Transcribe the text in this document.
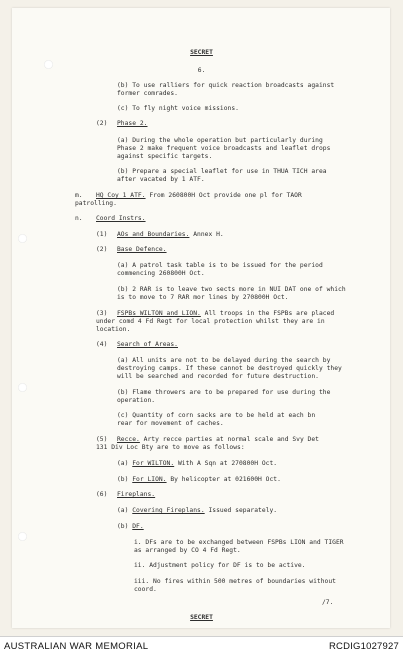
SECRET
6.
(b) To use ralliers for quick reaction broadcasts against
former comrades.
(c) To fly night voice missions.
(2) Phase 2.
(a) During the whole operation but particularly during
Phase 2 make frequent voice broadcasts and leaflet drops
against specific targets.
(b) Prepare a special leaflet for use in THUA TICH area
after vacated by 1 ATF.
m. HQ Coy 1 ATF. From 260800H Oct provide one pl for TAOR
patrolling.
n. Coord Instrs.
(1) AOs and Boundaries. Annex H.
(2) Base Defence.
(a) A patrol task table is to be issued for the period
commencing 260800H Oct.
(b) 2 RAR is to leave two sects more in NUI DAT one of which
is to move to 7 RAR mor lines by 270800H Oct.
(3) FSPBs WILTON and LION. All troops in the FSPBs are placed
under comd 4 Fd Regt for local protection whilst they are in
location.
(4) Search of Areas.
(a) All units are not to be delayed during the search by
destroying camps. If these cannot be destroyed quickly they
will be searched and recorded for future destruction.
(b) Flame throwers are to be prepared for use during the
operation.
(c) Quantity of corn sacks are to be held at each bn
rear for movement of caches.
(5) Recce. Arty recce parties at normal scale and Svy Det
131 Div Loc Bty are to move as follows:
(a) For WILTON. With A Sqn at 270800H Oct.
(b) For LION. By helicopter at 021600H Oct.
(6) Fireplans.
(a) Covering Fireplans. Issued separately.
(b) DF.
i. DFs are to be exchanged between FSPBs LION and TIGER
as arranged by CO 4 Fd Regt.
ii. Adjustment policy for DF is to be active.
iii. No fires within 500 metres of boundaries without
coord.
/7.
SECRET
AUSTRALIAN WAR MEMORIAL	RCDIG1027927
